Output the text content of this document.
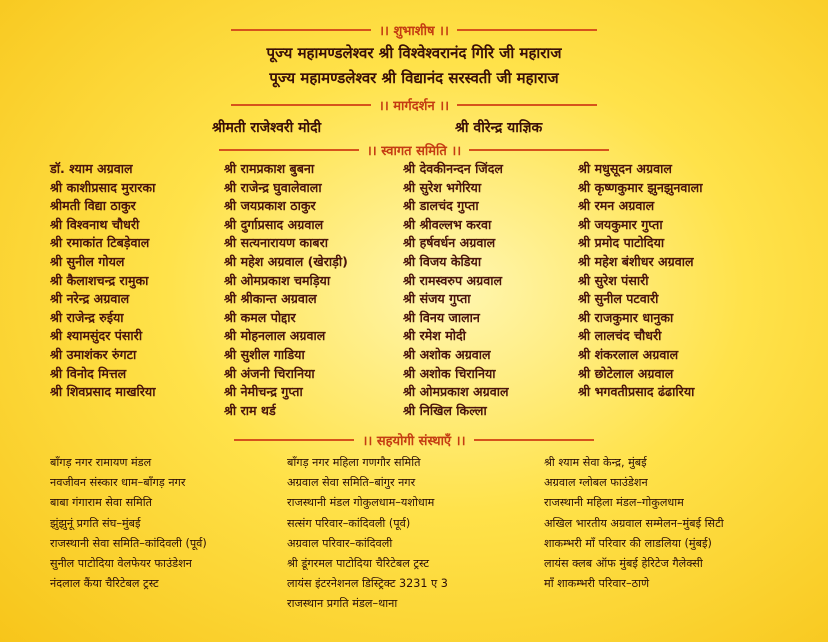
।। शुभाशीष ।।
पूज्य महामण्डलेश्वर श्री विश्वेश्वरानंद गिरि जी महाराज
पूज्य महामण्डलेश्वर श्री विद्यानंद सरस्वती जी महाराज
।। मार्गदर्शन ।।
श्रीमती राजेश्वरी मोदी	श्री वीरेन्द्र याज्ञिक
।। स्वागत समिति ।।
डॉ. श्याम अग्रवाल
श्री काशीप्रसाद मुरारका
श्रीमती विद्या ठाकुर
श्री विश्वनाथ चौधरी
श्री रमाकांत टिबड़ेवाल
श्री सुनील गोयल
श्री कैलाशचन्द्र रामुका
श्री नरेन्द्र अग्रवाल
श्री राजेन्द्र रुईया
श्री श्यामसुंदर पंसारी
श्री उमाशंकर रुंगटा
श्री विनोद मित्तल
श्री शिवप्रसाद माखरिया
श्री रामप्रकाश बुबना
श्री राजेन्द्र घुवालेवाला
श्री जयप्रकाश ठाकुर
श्री दुर्गाप्रसाद अग्रवाल
श्री सत्यनारायण काबरा
श्री महेश अग्रवाल (खेराड़ी)
श्री ओमप्रकाश चमड़िया
श्री श्रीकान्त अग्रवाल
श्री कमल पोद्दार
श्री मोहनलाल अग्रवाल
श्री सुशील गाडिया
श्री अंजनी चिरानिया
श्री नेमीचन्द्र गुप्ता
श्री राम थर्ड
श्री देवकीनन्दन जिंदल
श्री सुरेश भगेरिया
श्री डालचंद गुप्ता
श्री श्रीवल्लभ करवा
श्री हर्षवर्धन अग्रवाल
श्री विजय केडिया
श्री रामस्वरुप अग्रवाल
श्री संजय गुप्ता
श्री विनय जालान
श्री रमेश मोदी
श्री अशोक अग्रवाल
श्री अशोक चिरानिया
श्री ओमप्रकाश अग्रवाल
श्री निखिल किल्ला
श्री मधुसूदन अग्रवाल
श्री कृष्णकुमार झुनझुनवाला
श्री रमन अग्रवाल
श्री जयकुमार गुप्ता
श्री प्रमोद पाटोदिया
श्री महेश बंशीधर अग्रवाल
श्री सुरेश पंसारी
श्री सुनील पटवारी
श्री राजकुमार धानुका
श्री लालचंद चौधरी
श्री शंकरलाल अग्रवाल
श्री छोटेलाल अग्रवाल
श्री भगवतीप्रसाद ढंढारिया
।। सहयोगी संस्थाएँ ।।
बाँगड़ नगर रामायण मंडल
नवजीवन संस्कार धाम–बाँगड़ नगर
बाबा गंगाराम सेवा समिति
झुंझुनूं प्रगति संघ–मुंबई
राजस्थानी सेवा समिति–कांदिवली (पूर्व)
सुनील पाटोदिया वेलफेयर फाउंडेशन
नंदलाल कैंया चैरिटेबल ट्रस्ट
बाँगड़ नगर महिला गणगौर समिति
अग्रवाल सेवा समिति–बांगुर नगर
राजस्थानी मंडल गोकुलधाम–यशोधाम
सत्संग परिवार–कांदिवली (पूर्व)
अग्रवाल परिवार–कांदिवली
श्री डूंगरमल पाटोदिया चैरिटेबल ट्रस्ट
लायंस इंटरनेशनल डिस्ट्रिक्ट 3231 ए 3
राजस्थान प्रगति मंडल–थाना
श्री श्याम सेवा केन्द्र, मुंबई
अग्रवाल ग्लोबल फाउंडेशन
राजस्थानी महिला मंडल–गोकुलधाम
अखिल भारतीय अग्रवाल सम्मेलन–मुंबई सिटी
शाकम्भरी माँ परिवार की लाडलिया (मुंबई)
लायंस क्लब ऑफ मुंबई हेरिटेज गैलेक्सी
माँ शाकम्भरी परिवार–ठाणे
